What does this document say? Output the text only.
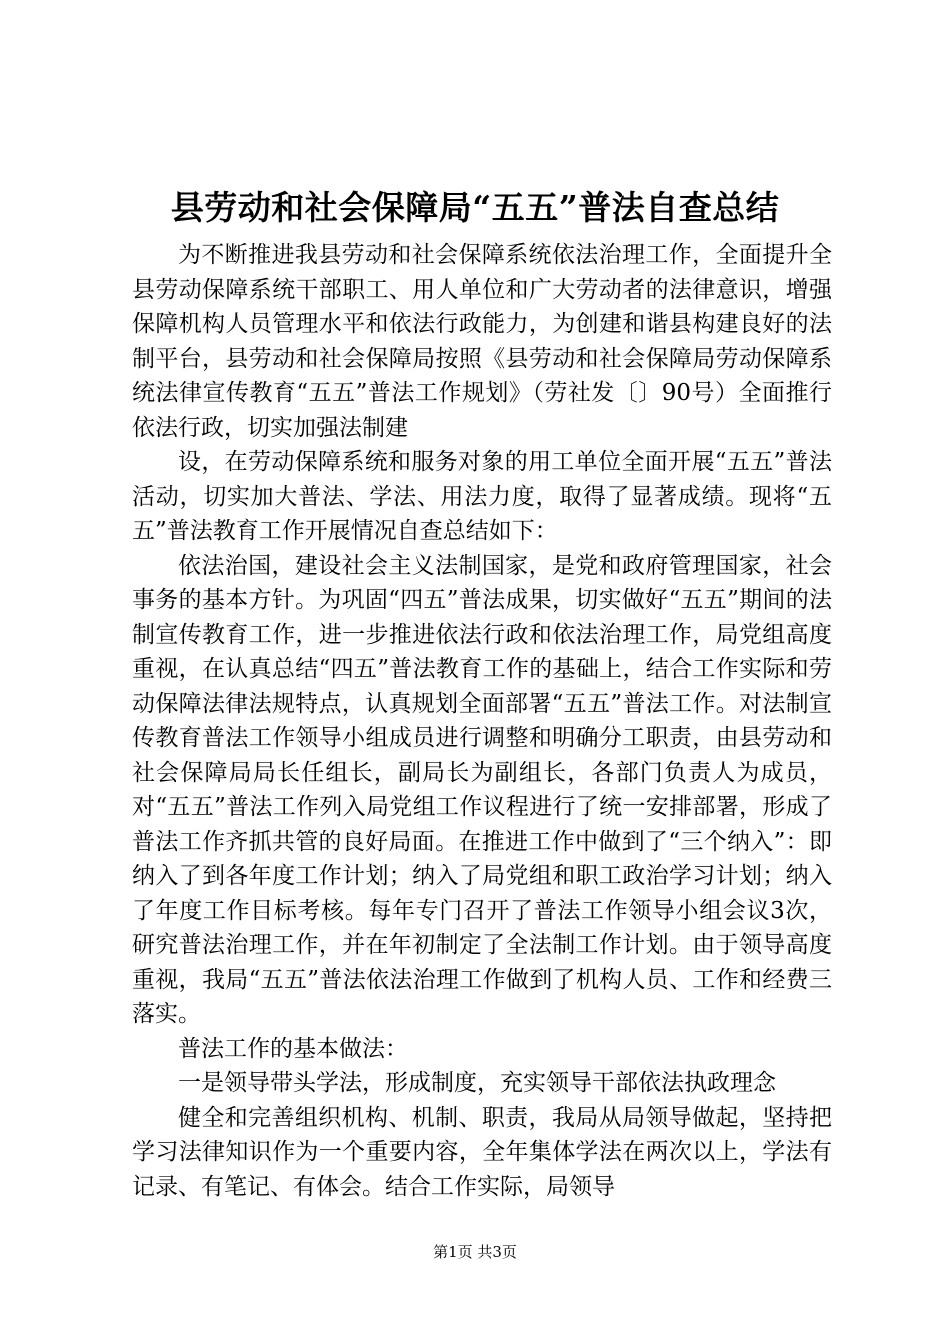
县劳动和社会保障局“五五”普法自查总结

为不断推进我县劳动和社会保障系统依法治理工作，全面提升全县劳动保障系统干部职工、用人单位和广大劳动者的法律意识，增强保障机构人员管理水平和依法行政能力，为创建和谐县构建良好的法制平台，县劳动和社会保障局按照《县劳动和社会保障局劳动保障系统法律宣传教育“五五”普法工作规划》（劳社发〔〕90号）全面推行依法行政，切实加强法制建

设，在劳动保障系统和服务对象的用工单位全面开展“五五”普法活动，切实加大普法、学法、用法力度，取得了显著成绩。现将“五五”普法教育工作开展情况自查总结如下：

依法治国，建设社会主义法制国家，是党和政府管理国家，社会事务的基本方针。为巩固“四五”普法成果，切实做好“五五”期间的法制宣传教育工作，进一步推进依法行政和依法治理工作，局党组高度重视，在认真总结“四五”普法教育工作的基础上，结合工作实际和劳动保障法律法规特点，认真规划全面部署“五五”普法工作。对法制宣传教育普法工作领导小组成员进行调整和明确分工职责，由县劳动和社会保障局局长任组长，副局长为副组长，各部门负责人为成员，对“五五”普法工作列入局党组工作议程进行了统一安排部署，形成了普法工作齐抓共管的良好局面。在推进工作中做到了“三个纳入”：即纳入了到各年度工作计划；纳入了局党组和职工政治学习计划；纳入了年度工作目标考核。每年专门召开了普法工作领导小组会议3次，研究普法治理工作，并在年初制定了全法制工作计划。由于领导高度重视，我局“五五”普法依法治理工作做到了机构人员、工作和经费三落实。

普法工作的基本做法：

一是领导带头学法，形成制度，充实领导干部依法执政理念

健全和完善组织机构、机制、职责，我局从局领导做起，坚持把学习法律知识作为一个重要内容，全年集体学法在两次以上，学法有记录、有笔记、有体会。结合工作实际，局领导

第1页 共3页
